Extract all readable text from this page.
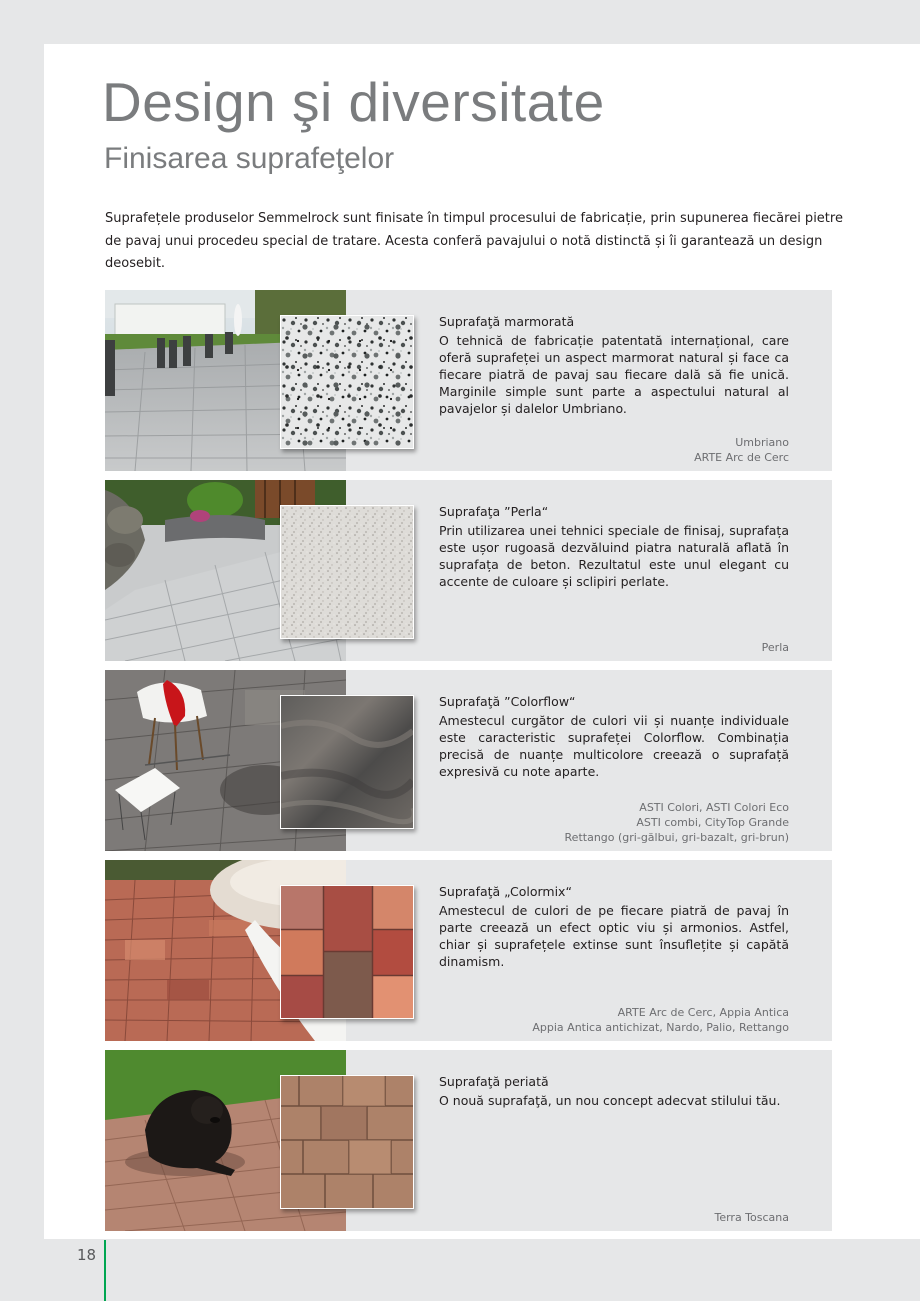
Design şi diversitate
Finisarea suprafeţelor

Suprafețele produselor Semmelrock sunt finisate în timpul procesului de fabricație, prin supunerea fiecărei pietre de pavaj unui procedeu special de tratare. Acesta conferă pavajului o notă distinctă și îi garantează un design deosebit.

Suprafaţă marmorată

O tehnică de fabricație patentată internațional, care oferă suprafeței un aspect marmorat natural și face ca fiecare piatră de pavaj sau fiecare dală să fie unică. Marginile simple sunt parte a aspectului natural al pavajelor și dalelor Umbriano.

Umbriano
ARTE Arc de Cerc
Suprafaţa ”Perla“

Prin utilizarea unei tehnici speciale de finisaj, suprafața este ușor rugoasă dezvăluind piatra naturală aflată în suprafața de beton. Rezultatul este unul elegant cu accente de culoare și sclipiri perlate.

Perla
Suprafaţă ”Colorflow“

Amestecul curgător de culori vii și nuanțe individuale este caracteristic suprafeței Colorflow. Combinația precisă de nuanțe multicolore creează o suprafață expresivă cu note aparte.

ASTI Colori, ASTI Colori Eco
ASTI combi, CityTop Grande
Rettango (gri-gălbui, gri-bazalt, gri-brun)
Suprafaţă „Colormix“

Amestecul de culori de pe fiecare piatră de pavaj în parte creează un efect optic viu și armonios. Astfel, chiar și suprafețele extinse sunt însuflețite și capătă dinamism.

ARTE Arc de Cerc, Appia Antica
Appia Antica antichizat, Nardo, Palio, Rettango
Suprafaţă periată

O nouă suprafaţă, un nou concept adecvat stilului tău.

Terra Toscana
18
